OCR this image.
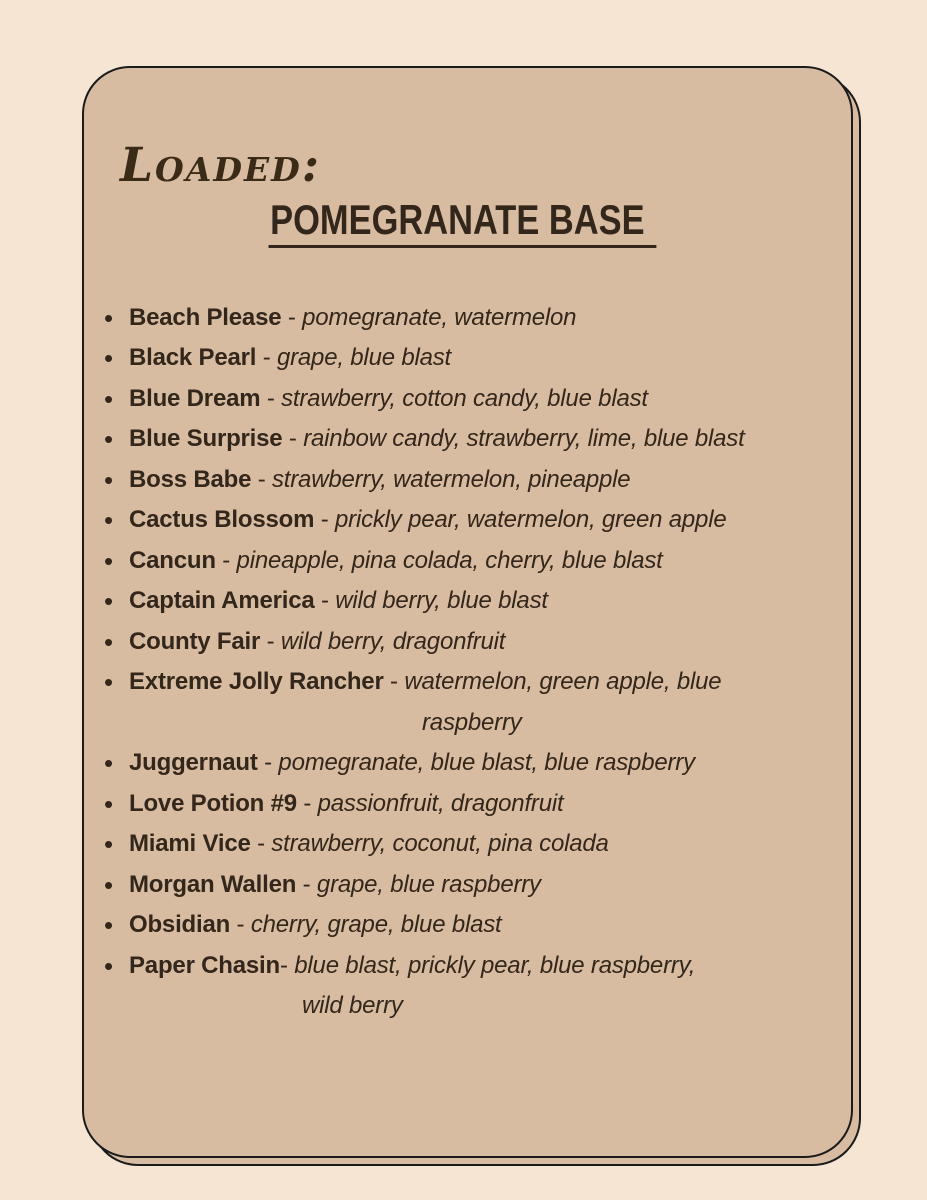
Loaded:
POMEGRANATE BASE
• Beach Please - pomegranate, watermelon
• Black Pearl - grape, blue blast
• Blue Dream - strawberry, cotton candy, blue blast
• Blue Surprise - rainbow candy, strawberry, lime, blue blast
• Boss Babe - strawberry, watermelon, pineapple
• Cactus Blossom - prickly pear, watermelon, green apple
• Cancun - pineapple, pina colada, cherry, blue blast
• Captain America - wild berry, blue blast
• County Fair - wild berry, dragonfruit
• Extreme Jolly Rancher - watermelon, green apple, blue
raspberry
• Juggernaut - pomegranate, blue blast, blue raspberry
• Love Potion #9 - passionfruit, dragonfruit
• Miami Vice - strawberry, coconut, pina colada
• Morgan Wallen - grape, blue raspberry
• Obsidian - cherry, grape, blue blast
• Paper Chasin- blue blast, prickly pear, blue raspberry,
wild berry
